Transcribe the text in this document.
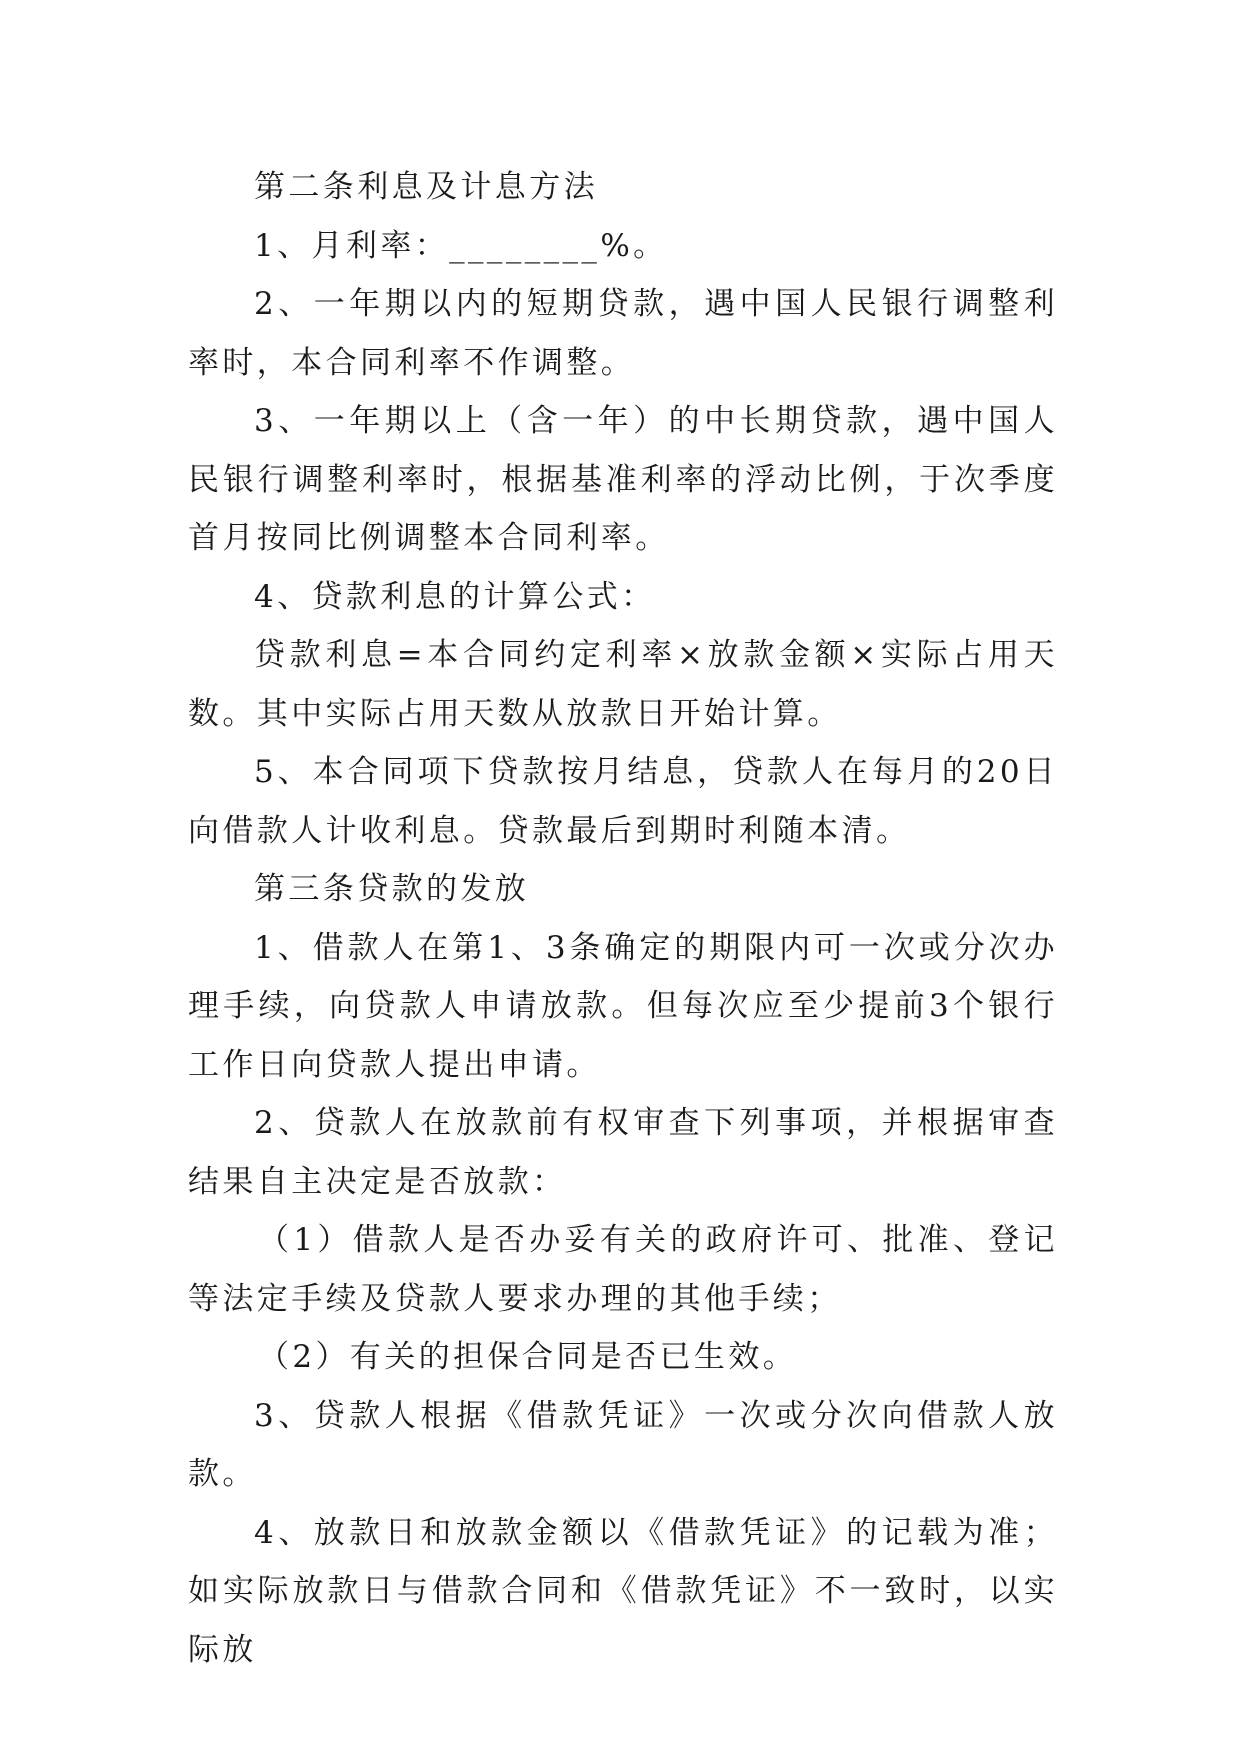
第二条利息及计息方法

1、月利率：________%。

2、一年期以内的短期贷款，遇中国人民银行调整利率时，本合同利率不作调整。

3、一年期以上（含一年）的中长期贷款，遇中国人民银行调整利率时，根据基准利率的浮动比例，于次季度首月按同比例调整本合同利率。

4、贷款利息的计算公式：

贷款利息=本合同约定利率×放款金额×实际占用天数。其中实际占用天数从放款日开始计算。

5、本合同项下贷款按月结息，贷款人在每月的20日向借款人计收利息。贷款最后到期时利随本清。

第三条贷款的发放

1、借款人在第1、3条确定的期限内可一次或分次办理手续，向贷款人申请放款。但每次应至少提前3个银行工作日向贷款人提出申请。

2、贷款人在放款前有权审查下列事项，并根据审查结果自主决定是否放款：

（1）借款人是否办妥有关的政府许可、批准、登记等法定手续及贷款人要求办理的其他手续；

（2）有关的担保合同是否已生效。

3、贷款人根据《借款凭证》一次或分次向借款人放款。

4、放款日和放款金额以《借款凭证》的记载为准；如实际放款日与借款合同和《借款凭证》不一致时，以实际放
